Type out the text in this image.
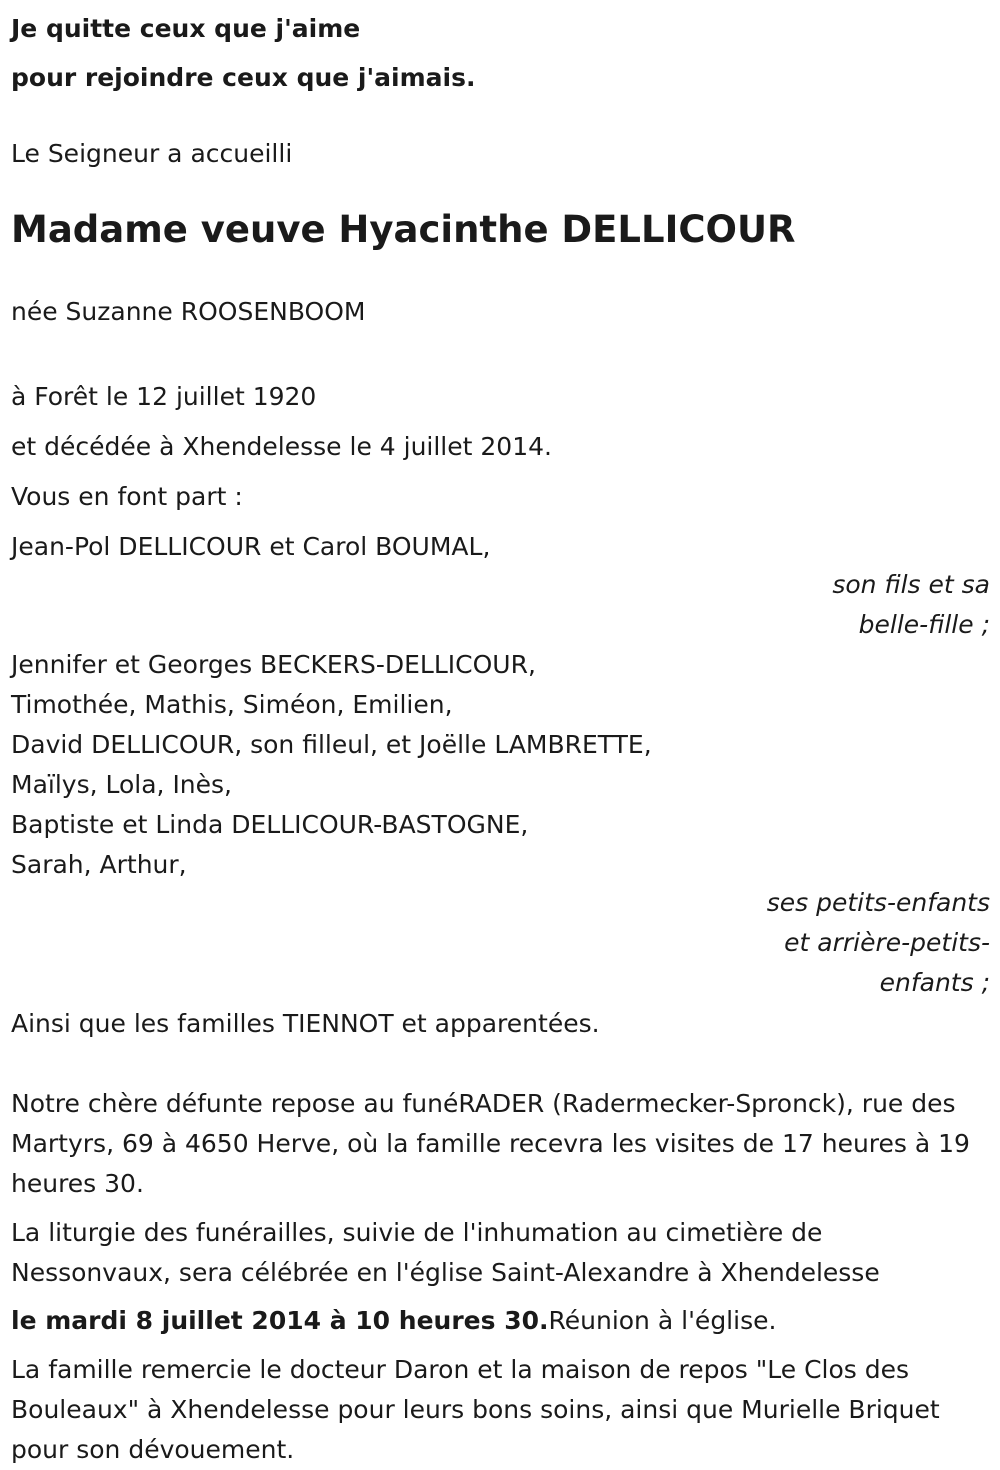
Je quitte ceux que j'aime

pour rejoindre ceux que j'aimais.

Le Seigneur a accueilli

Madame veuve Hyacinthe DELLICOUR

née Suzanne ROOSENBOOM

à Forêt le 12 juillet 1920

et décédée à Xhendelesse le 4 juillet 2014.

Vous en font part :

Jean-Pol DELLICOUR et Carol BOUMAL,

son fils et sa
belle-fille ;
Jennifer et Georges BECKERS-DELLICOUR,
Timothée, Mathis, Siméon, Emilien,
David DELLICOUR, son filleul, et Joëlle LAMBRETTE,
Maïlys, Lola, Inès,
Baptiste et Linda DELLICOUR-BASTOGNE,
Sarah, Arthur,
ses petits-enfants
et arrière-petits-
enfants ;

Ainsi que les familles TIENNOT et apparentées.

Notre chère défunte repose au funéRADER (Radermecker-Spronck), rue des Martyrs, 69 à 4650 Herve, où la famille recevra les visites de 17 heures à 19 heures 30.

La liturgie des funérailles, suivie de l'inhumation au cimetière de Nessonvaux, sera célébrée en l'église Saint-Alexandre à Xhendelesse

le mardi 8 juillet 2014 à 10 heures 30.Réunion à l'église.

La famille remercie le docteur Daron et la maison de repos "Le Clos des Bouleaux" à Xhendelesse pour leurs bons soins, ainsi que Murielle Briquet pour son dévouement.
